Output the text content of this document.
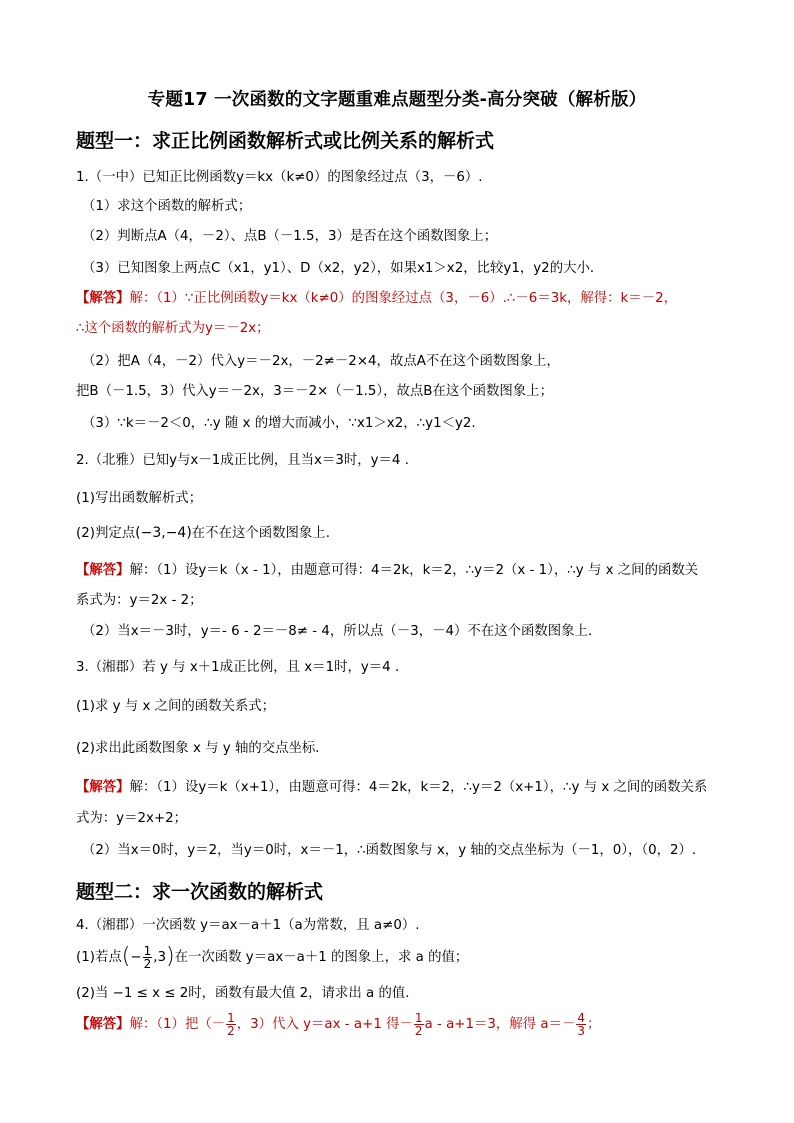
专题17 一次函数的文字题重难点题型分类-高分突破（解析版）
题型一：求正比例函数解析式或比例关系的解析式
1.（一中）已知正比例函数y＝kx（k≠0）的图象经过点（3，－6）.
（1）求这个函数的解析式；
（2）判断点A（4，－2）、点B（－1.5，3）是否在这个函数图象上；
（3）已知图象上两点C（x1，y1）、D（x2，y2），如果x1＞x2，比较y1，y2的大小．
【解答】解：（1）∵正比例函数y＝kx（k≠0）的图象经过点（3，－6）.∴－6＝3k，解得：k＝－2，
∴这个函数的解析式为y＝－2x；
（2）把A（4，－2）代入y＝－2x，－2≠－2×4，故点A不在这个函数图象上，
把B（－1.5，3）代入y＝－2x，3＝－2×（－1.5），故点B在这个函数图象上；
（3）∵k＝－2＜0，∴y 随 x 的增大而减小，∵x1＞x2，∴y1＜y2.
2.（北雅）已知y与x－1成正比例，且当x＝3时，y＝4 .
(1)写出函数解析式；
(2)判定点(−3,−4)在不在这个函数图象上.
【解答】解：（1）设y＝k（x - 1），由题意可得：4＝2k，k＝2，∴y＝2（x - 1），∴y 与 x 之间的函数关
系式为：y＝2x - 2；
（2）当x＝－3时，y＝- 6 - 2＝－8≠ - 4，所以点（－3，－4）不在这个函数图象上．
3.（湘郡）若 y 与 x＋1成正比例，且 x＝1时，y＝4 .
(1)求 y 与 x 之间的函数关系式；
(2)求出此函数图象 x 与 y 轴的交点坐标.
【解答】解：（1）设y＝k（x+1），由题意可得：4＝2k，k＝2，∴y＝2（x+1），∴y 与 x 之间的函数关系
式为：y＝2x+2；
（2）当x＝0时，y＝2，当y＝0时，x＝－1，∴函数图象与 x，y 轴的交点坐标为（－1，0），（0，2）.
题型二：求一次函数的解析式
4.（湘郡）一次函数 y＝ax－a＋1（a为常数，且 a≠0）.
(1)若点(− $\frac{1}{2} ,3$)在一次函数 y＝ax－a＋1 的图象上，求 a 的值；
(2)当 −1 ≤ x ≤ 2时，函数有最大值 2，请求出 a 的值.
【解答】解：（1）把（－ $\frac{1}{2}$ ，3）代入 y＝ax - a+1 得－ $\frac{1}{2}$ a - a+1＝3，解得 $a=- \frac{4}{3}$ ；
